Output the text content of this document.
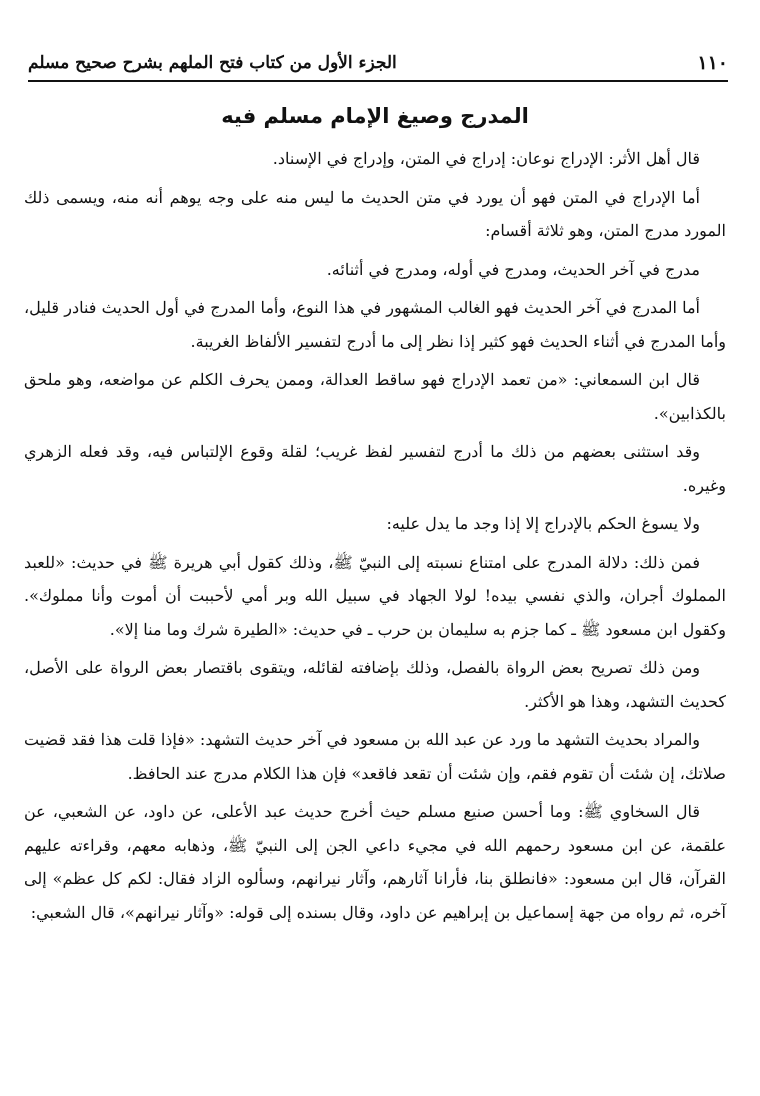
١١٠
الجزء الأول من كتاب فتح الملهم بشرح صحيح مسلم
المدرج وصيغ الإمام مسلم فيه

قال أهل الأثر: الإدراج نوعان: إدراج في المتن، وإدراج في الإسناد.

أما الإدراج في المتن فهو أن يورد في متن الحديث ما ليس منه على وجه يوهم أنه منه، ويسمى ذلك المورد مدرج المتن، وهو ثلاثة أقسام:

مدرج في آخر الحديث، ومدرج في أوله، ومدرج في أثنائه.

أما المدرج في آخر الحديث فهو الغالب المشهور في هذا النوع، وأما المدرج في أول الحديث فنادر قليل، وأما المدرج في أثناء الحديث فهو كثير إذا نظر إلى ما أدرج لتفسير الألفاظ الغريبة.

قال ابن السمعاني: «من تعمد الإدراج فهو ساقط العدالة، وممن يحرف الكلم عن مواضعه، وهو ملحق بالكذابين».

وقد استثنى بعضهم من ذلك ما أدرج لتفسير لفظ غريب؛ لقلة وقوع الإلتباس فيه، وقد فعله الزهري وغيره.

ولا يسوغ الحكم بالإدراج إلا إذا وجد ما يدل عليه:

فمن ذلك: دلالة المدرج على امتناع نسبته إلى النبيّ ﷺ، وذلك كقول أبي هريرة ﷺ في حديث: «للعبد المملوك أجران، والذي نفسي بيده! لولا الجهاد في سبيل الله وبر أمي لأحببت أن أموت وأنا مملوك». وكقول ابن مسعود ﷺ ـ كما جزم به سليمان بن حرب ـ في حديث: «الطيرة شرك وما منا إلا».

ومن ذلك تصريح بعض الرواة بالفصل، وذلك بإضافته لقائله، ويتقوى باقتصار بعض الرواة على الأصل، كحديث التشهد، وهذا هو الأكثر.

والمراد بحديث التشهد ما ورد عن عبد الله بن مسعود في آخر حديث التشهد: «فإذا قلت هذا فقد قضيت صلاتك، إن شئت أن تقوم فقم، وإن شئت أن تقعد فاقعد» فإن هذا الكلام مدرج عند الحافظ.

قال السخاوي ﷺ: وما أحسن صنيع مسلم حيث أخرج حديث عبد الأعلى، عن داود، عن الشعبي، عن علقمة، عن ابن مسعود رحمهم الله في مجيء داعي الجن إلى النبيّ ﷺ، وذهابه معهم، وقراءته عليهم القرآن، قال ابن مسعود: «فانطلق بنا، فأرانا آثارهم، وآثار نيرانهم، وسألوه الزاد فقال: لكم كل عظم» إلى آخره، ثم رواه من جهة إسماعيل بن إبراهيم عن داود، وقال بسنده إلى قوله: «وآثار نيرانهم»، قال الشعبي:
